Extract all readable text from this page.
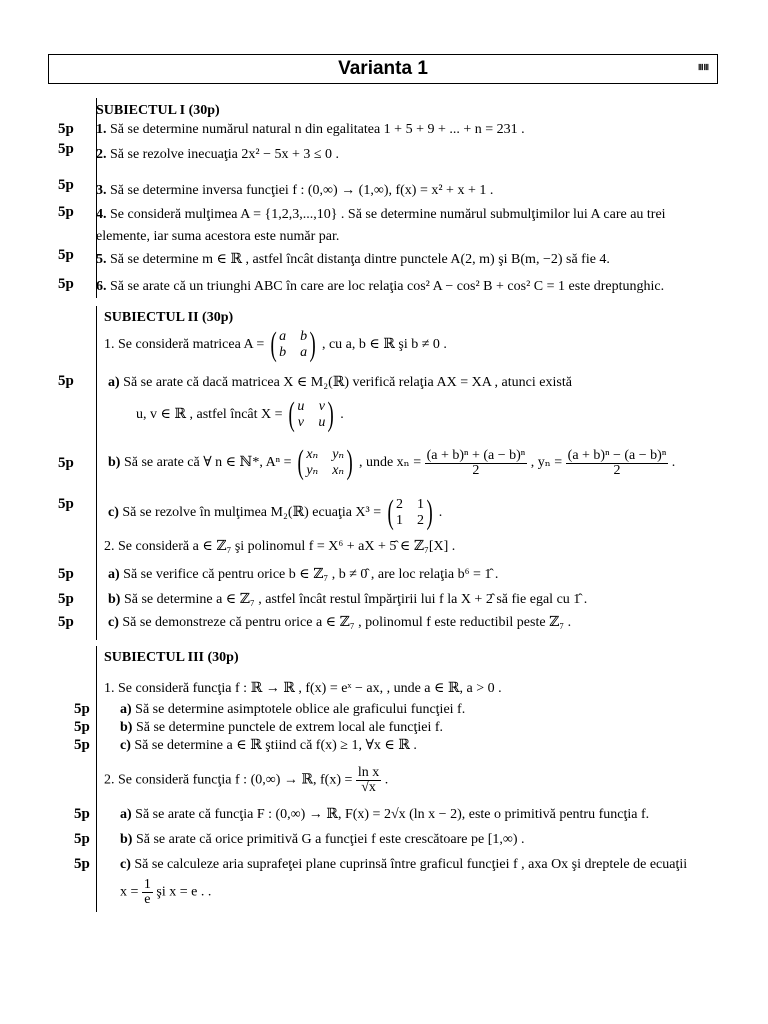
Varianta 1	ⅢⅢ
SUBIECTUL I (30p)
5p 1. Să se determine numărul natural n din egalitatea 1 + 5 + 9 + ... + n = 231 .
5p 2. Să se rezolve inecuaţia 2x² − 5x + 3 ≤ 0 .
5p 3. Să se determine inversa funcţiei f : (0,∞) → (1,∞), f(x) = x² + x + 1 .
5p 4. Se consideră mulţimea A = {1,2,3,...,10} . Să se determine numărul submulţimilor lui A care au trei
elemente, iar suma acestora este număr par.
5p 5. Să se determine m ∈ ℝ , astfel încât distanţa dintre punctele A(2, m) şi B(m, −2) să fie 4.
5p 6. Să se arate că un triunghi ABC în care are loc relaţia cos² A − cos² B + cos² C = 1 este dreptunghic.
SUBIECTUL II (30p)
1. Se consideră matricea A = ( a b
b a ) , cu a, b ∈ ℝ şi b ≠ 0 .
5p a) Să se arate că dacă matricea X ∈ M₂(ℝ) verifică relaţia AX = XA , atunci există
u, v ∈ ℝ , astfel încât X = ( u v
v u ) .
5p b) Să se arate că ∀ n ∈ ℕ*, Aⁿ = ( xₙ yₙ
yₙ xₙ ) , unde $x_n = \frac{\text{(a + b)ⁿ + (a − b)ⁿ}}{2}$ , $y_n = \frac{\text{(a + b)ⁿ − (a − b)ⁿ}}{2}$ .
5p
c) Să se rezolve în mulţimea M₂(ℝ) ecuaţia X³ = ( 2 1
1 2 ) .
2. Se consideră a ∈ ℤ₇ şi polinomul f = X⁶ + aX + 5̂ ∈ ℤ₇[X] .
5p a) Să se verifice că pentru orice b ∈ ℤ₇ , b ≠ 0̂ , are loc relaţia b⁶ = 1̂ .
5p b) Să se determine a ∈ ℤ₇ , astfel încât restul împărţirii lui f la X + 2̂ să fie egal cu 1̂ .
5p c) Să se demonstreze că pentru orice a ∈ ℤ₇ , polinomul f este reductibil peste ℤ₇ .
SUBIECTUL III (30p)
1. Se consideră funcţia f : ℝ → ℝ , f(x) = eˣ − ax, , unde a ∈ ℝ, a > 0 .
5p a) Să se determine asimptotele oblice ale graficului funcţiei f.
5p b) Să se determine punctele de extrem local ale funcţiei f.
5p c) Să se determine a ∈ ℝ ştiind că f(x) ≥ 1, ∀x ∈ ℝ .
2. Se consideră funcţia f : (0,∞) → ℝ, $f(x) = \frac{\text{ln x}}{√x}$ .
5p a) Să se arate că funcţia F : (0,∞) → ℝ, F(x) = 2√x (ln x − 2), este o primitivă pentru funcţia f.
5p b) Să se arate că orice primitivă G a funcţiei f este crescătoare pe [1,∞) .
5p c) Să se calculeze aria suprafeţei plane cuprinsă între graficul funcţiei f , axa Ox şi dreptele de ecuaţii
$x = \frac{1}{e}$ şi x = e . .
